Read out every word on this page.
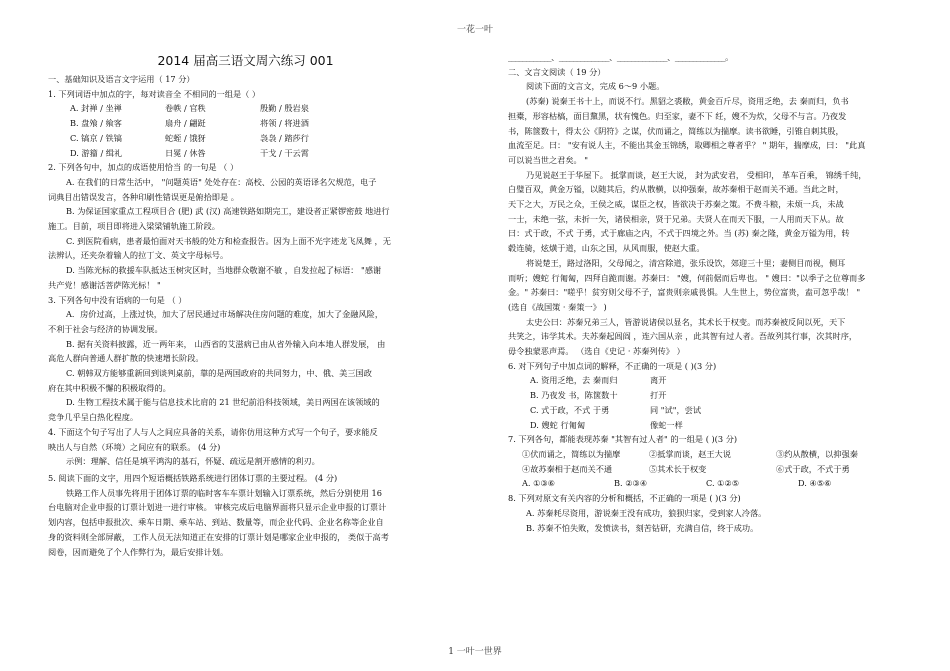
一花一叶
2014 届高三语文周六练习 001
一、基础知识及语言文字运用（ 17 分）
1. 下列词语中加点的字，每对读音全 不相同的一组是（ ）
A. 封禅 / 坐禅	卷帙 / 官秩	殷勤 / 殷岩泉
B. 盘飧 / 飨客	扇舟 / 翩跹	将领 / 将进酒
C. 镐京 / 铁镐	蛇蛭 / 饿犽	袅袅 / 踏莎行
D. 游籀 / 缉礼	日冕 / 休咎	干戈 / 干云霄
2. 下列各句中，加点的成语使用恰当 的一句是 （ ）
A. 在我们的日常生活中， "问题英语" 处处存在：高校、公园的英语译名欠规范，电子
词典目出错误发言，各种印刷性错误更是俯拾即是 。
B. 为保证国家重点工程项目合 (肥) 武 (汉) 高速铁路如期完工，建设者正紧锣密鼓 地进行
施工。目前，项目即将进入梁梁铺轨施工阶段。
C. 到医院看病，患者最怕面对天书般的处方和检查报告。因为上面不光字迹龙飞凤舞 ，无
法辨认，还夹杂着输人的拉丁文、英文字母标号。
D. 当陈光标的救援车队抵达玉树灾区时，当地群众敬谢不敏 ，自发拉起了标语： "感谢
共产党！感谢活菩萨陈光标！ "
3. 下列各句中没有语病的一句是 （ ）
A．房价过高，上涨过快，加大了居民通过市场解决住房问题的难度，加大了金融风险，
不利于社会与经济的协调发展。
B. 据有关资料披露，近一两年来， 山西省的艾滋病已由从省外输入向本地人群发展， 由
高危人群向普通人群扩散的快速增长阶段。
C. 朝韩双方能够重新回到谈判桌前，靠的是两国政府的共同努力，中、俄、美三国政
府在其中积极不懈的积极取得的。
D. 生物工程技术属于能与信息技术比肩的 21 世纪前沿科技领域，美日两国在该领域的
竞争几乎呈白热化程度。
4. 下面这个句子写出了人与人之间应具备的关系，请你仿用这种方式写一个句子，要求能反
映出人与自然（环境）之间应有的联系。 (4 分)
示例：理解、信任是填平鸿沟的基石，怀疑、疏远是割开感情的利刃。
5. 阅读下面的文字，用四个短语概括铁路系统进行团体订票的主要过程。 (4 分)
铁路工作人员事先将用于团体订票的临时客车车票计划输入订票系统，然后分别使用 16
台电脑对企业申报的订票计划进一进行审核。 审核完成后电脑界面将只显示企业申报的订票计
划内容，包括申报批次、乘车日期、乘车站、到站、数量等，而企业代码、企业名称等企业自
身的资料则全部屏蔽， 工作人员无法知道正在安排的订票计划是哪家企业申报的， 类似于高考
阅卷，因而避免了个人作弊行为，最后安排计划。
____________、______________、______________、______________。
二、文言文阅读（ 19 分）
阅读下面的文言文，完成 6～9 小题。
(苏秦) 说秦王书十上，而说不行。黑貂之裘敝，黄金百斤尽，资用乏绝，去 秦而归，负书
担橐，形容枯槁，面目黧黑，状有愧色。归至家，妻不下 纴，嫂不为炊，父母不与言。乃夜发
书，陈箧数十，得太公《阴符》之谋，伏而诵之，简练以为揣摩。读书欲睡，引锥自刺其股，
血流至足。曰： "安有说人主，不能出其金玉锦绣，取卿相之尊者乎？ " 期年，揣摩成，曰： "此真
可以说当世之君矣。 "
乃见说赵王于华屋下。 抵掌而谈，赵王大说， 封为武安君， 受相印， 革车百乘， 锦绣千纯，
白璧百双，黄金万镒，以随其后，约从散横，以抑强秦，故苏秦相于赵而关不通。当此之时，
天下之大，万民之众，王侯之威，谋臣之权，皆欲决于苏秦之策。不费斗粮，未烦一兵，未战
一士，未绝一弦，未折一矢，诸侯相亲，贤于兄弟。夫贤人在而天下服，一人用而天下从。故
曰：式于政，不式 于勇，式于廊庙之内，不式于四境之外。当 (苏) 秦之隆，黄金万镒为用，转
毂连骑，炫熿于道，山东之国，从风而服，使赵大重。
将说楚王，路过洛阳，父母闻之，清宫除道，张乐设饮，郊迎三十里；妻侧目而视，侧耳
而听；嫂蛇 行匍匐，四拜自跪而谢。苏秦曰： "嫂，何前倨而后卑也。 " 嫂曰："以季子之位尊而多
金。" 苏秦曰："嗟乎！贫穷则父母不子，富贵则亲戚畏惧。人生世上，势位富贵，盍可忽乎哉！ "
(选自《战国策 · 秦策一》 )
太史公曰：苏秦兄弟三人，皆游说诸侯以显名，其术长于权变。而苏秦被反间以死，天下
共笑之，讳学其术。夫苏秦起闾阎 ，连六国从亲 ，此其智有过人者。吾故列其行事，次其时序，
毋令独蒙恶声焉。 （选自《史记 · 苏秦列传》 ）
6. 对下列句子中加点词的解释，不正确的一项是 ( )(3 分)
A. 资用乏绝，去 秦而归	离开
B. 乃夜发 书，陈箧数十	打开
C. 式于政，不式 于勇	同 "试"，尝试
D. 嫂蛇 行匍匐	像蛇一样
7. 下列各句，都能表现苏秦 "其智有过人者" 的一组是 ( )(3 分)
①伏而诵之，简练以为揣摩	②抵掌而谈，赵王大说	③约从散横，以抑强秦
④故苏秦相于赵而关不通	⑤其术长于权变	⑥式于政，不式于勇
A. ①③⑥	B. ②③④	C. ①②⑤	D. ④⑤⑥
8. 下列对原文有关内容的分析和概括，不正确的一项是 ( )(3 分)
A. 苏秦耗尽资用，游说秦王没有成功，狼狈归家，受到家人冷落。
B. 苏秦不怕失败，发愤读书，刻苦钻研，充满自信，终于成功。
1 一叶一世界
